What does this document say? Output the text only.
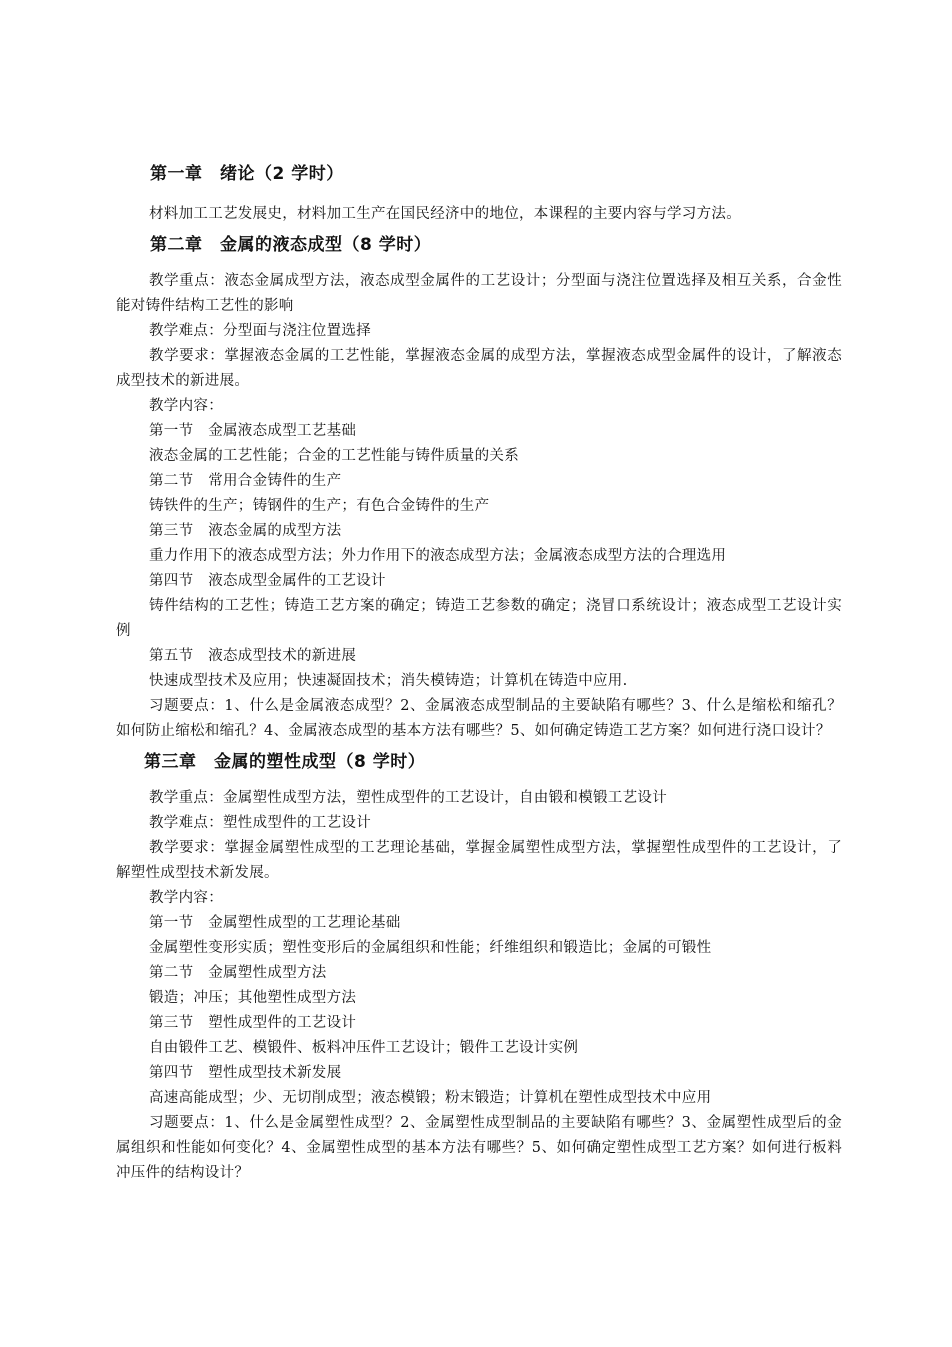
第一章　绪论（2 学时）

材料加工工艺发展史，材料加工生产在国民经济中的地位，本课程的主要内容与学习方法。

第二章　金属的液态成型（8 学时）

教学重点：液态金属成型方法，液态成型金属件的工艺设计；分型面与浇注位置选择及相互关系，合金性能对铸件结构工艺性的影响

教学难点：分型面与浇注位置选择

教学要求：掌握液态金属的工艺性能，掌握液态金属的成型方法，掌握液态成型金属件的设计，了解液态成型技术的新进展。

教学内容：

第一节　金属液态成型工艺基础

液态金属的工艺性能；合金的工艺性能与铸件质量的关系

第二节　常用合金铸件的生产

铸铁件的生产；铸钢件的生产；有色合金铸件的生产

第三节　液态金属的成型方法

重力作用下的液态成型方法；外力作用下的液态成型方法；金属液态成型方法的合理选用

第四节　液态成型金属件的工艺设计

铸件结构的工艺性；铸造工艺方案的确定；铸造工艺参数的确定；浇冒口系统设计；液态成型工艺设计实例

第五节　液态成型技术的新进展

快速成型技术及应用；快速凝固技术；消失模铸造；计算机在铸造中应用.

习题要点：1、什么是金属液态成型？2、金属液态成型制品的主要缺陷有哪些？3、什么是缩松和缩孔？如何防止缩松和缩孔？4、金属液态成型的基本方法有哪些？5、如何确定铸造工艺方案？如何进行浇口设计？

第三章　金属的塑性成型（8 学时）

教学重点：金属塑性成型方法，塑性成型件的工艺设计，自由锻和模锻工艺设计

教学难点：塑性成型件的工艺设计

教学要求：掌握金属塑性成型的工艺理论基础，掌握金属塑性成型方法，掌握塑性成型件的工艺设计，了解塑性成型技术新发展。

教学内容：

第一节　金属塑性成型的工艺理论基础

金属塑性变形实质；塑性变形后的金属组织和性能；纤维组织和锻造比；金属的可锻性

第二节　金属塑性成型方法

锻造；冲压；其他塑性成型方法

第三节　塑性成型件的工艺设计

自由锻件工艺、模锻件、板料冲压件工艺设计；锻件工艺设计实例

第四节　塑性成型技术新发展

高速高能成型；少、无切削成型；液态模锻；粉末锻造；计算机在塑性成型技术中应用

习题要点：1、什么是金属塑性成型？2、金属塑性成型制品的主要缺陷有哪些？3、金属塑性成型后的金属组织和性能如何变化？4、金属塑性成型的基本方法有哪些？5、如何确定塑性成型工艺方案？如何进行板料冲压件的结构设计？
